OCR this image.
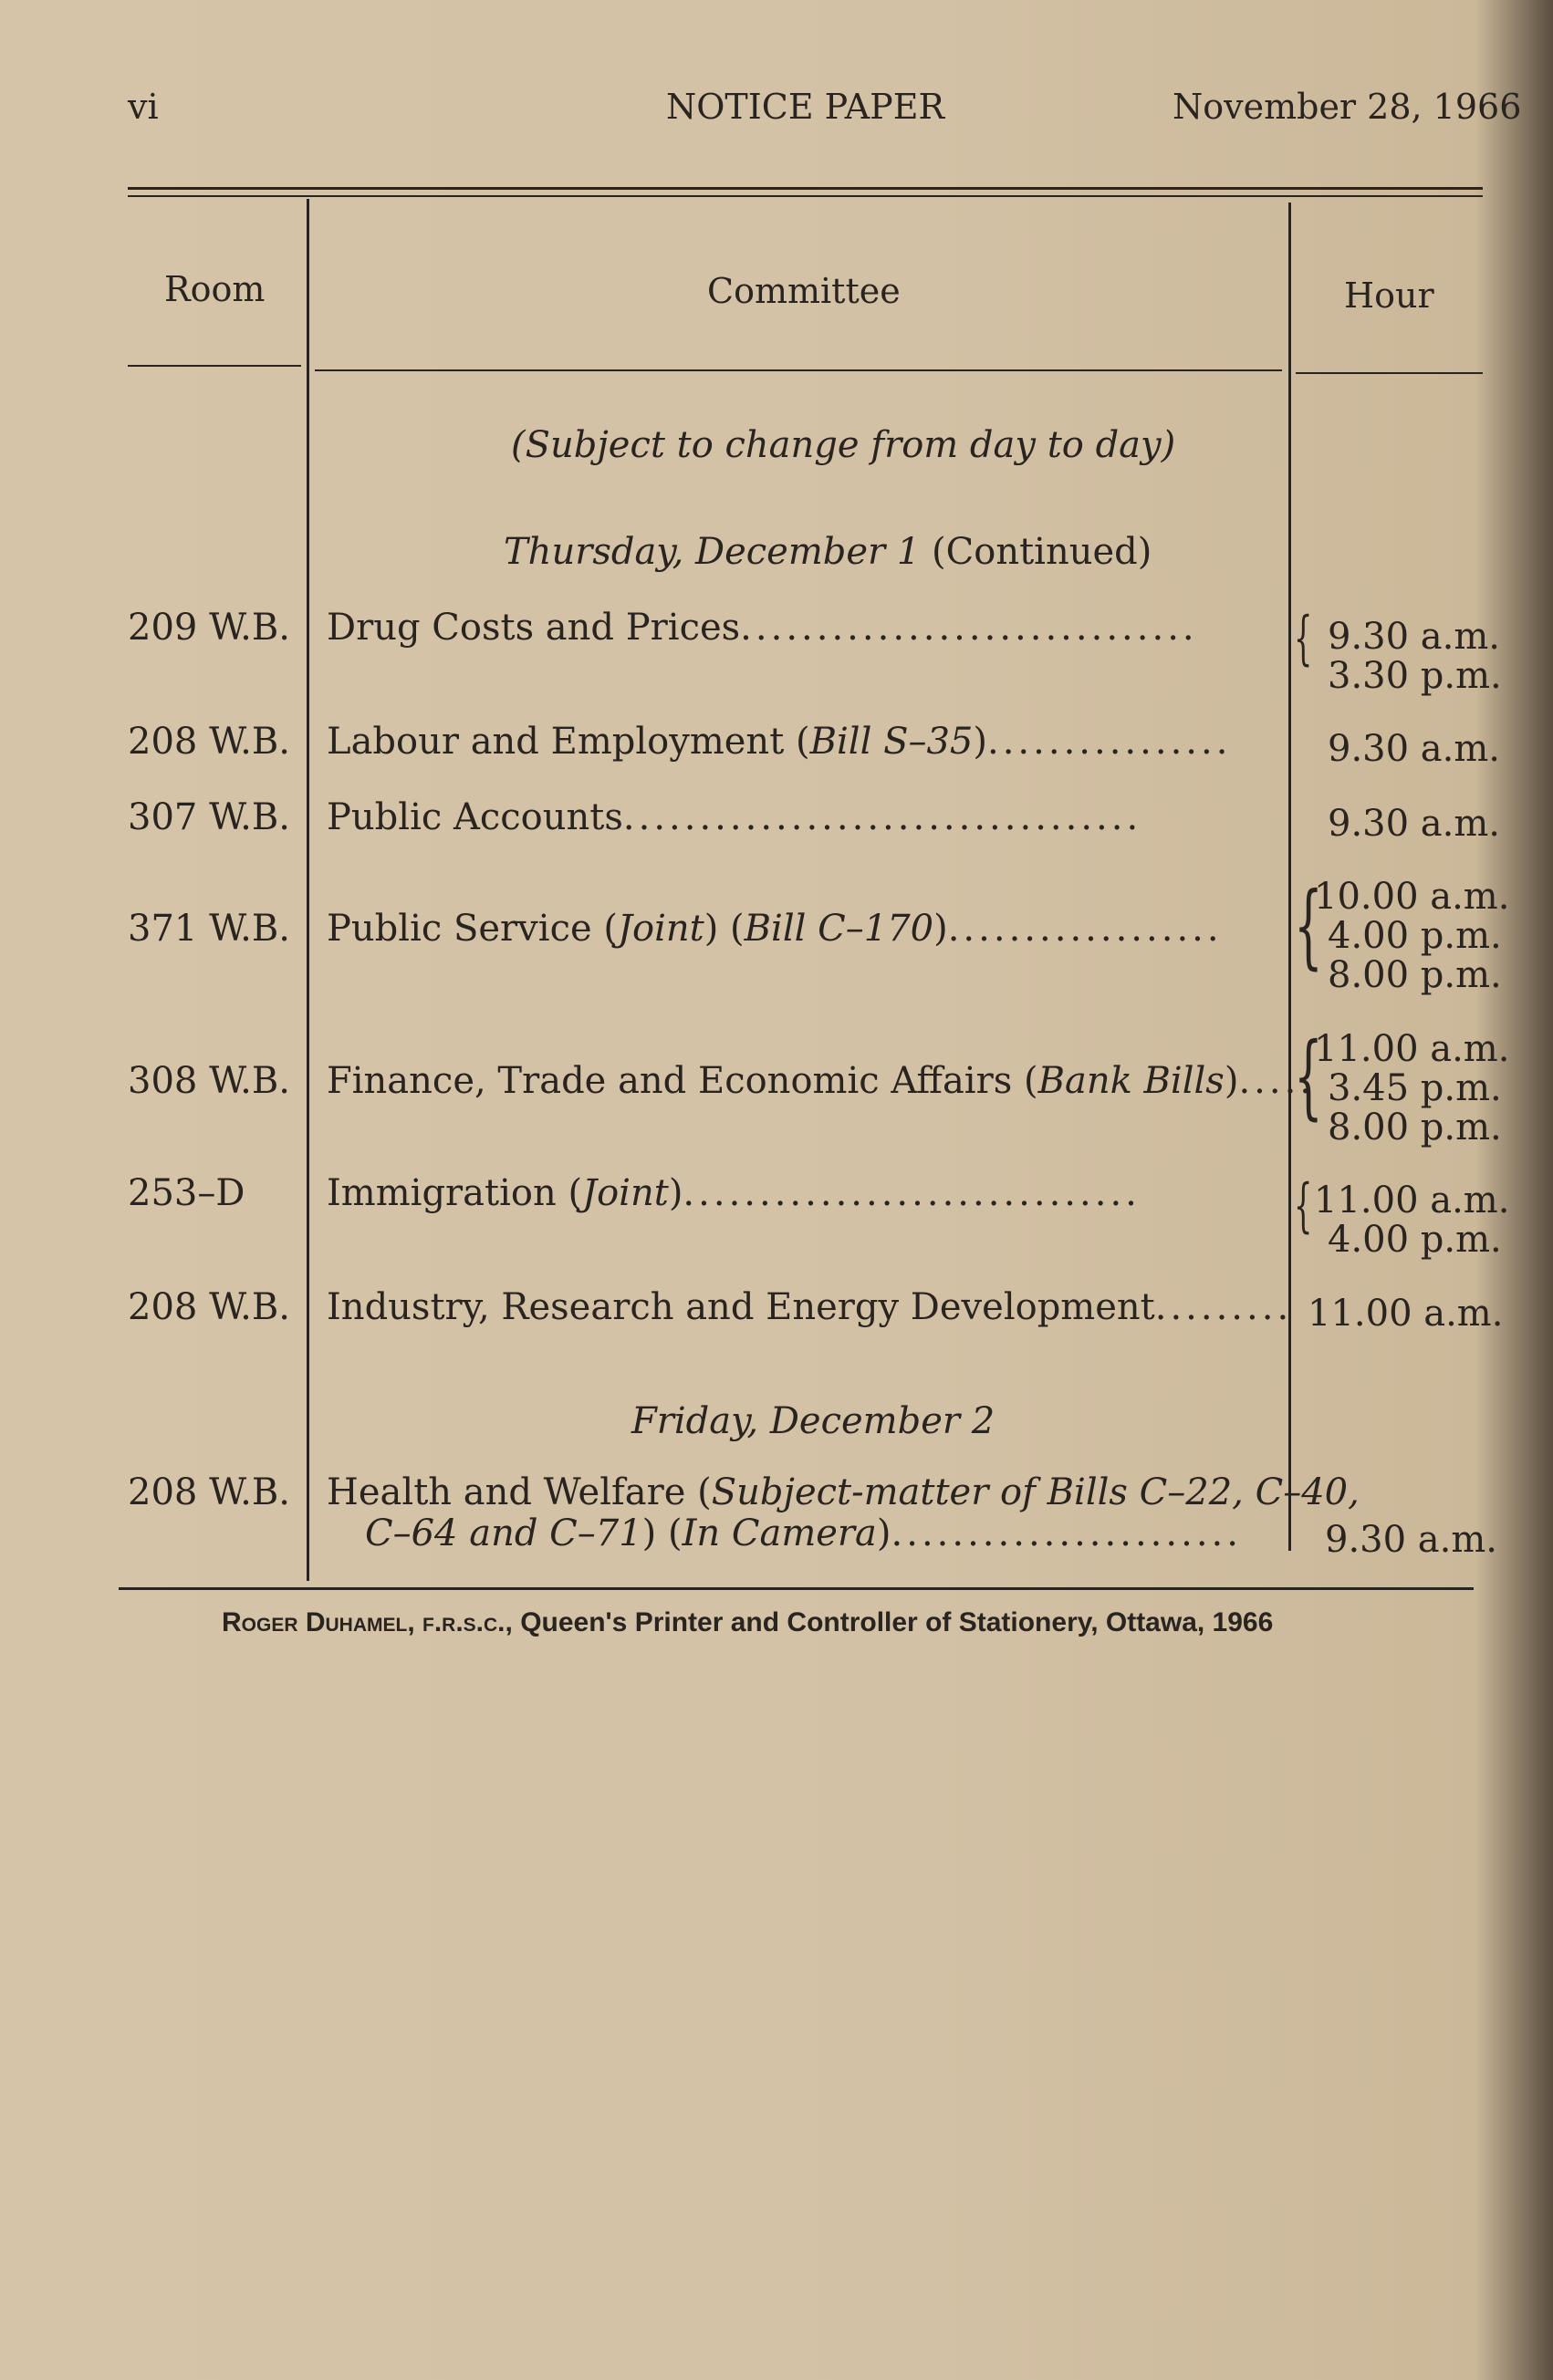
vi	NOTICE PAPER	November 28, 1966
Room	Committee	Hour
(Subject to change from day to day)
Thursday, December 1 (Continued)
209 W.B. Drug Costs and Prices.............................. { 9.30 a.m.
3.30 p.m.
208 W.B. Labour and Employment (Bill S–35)................	9.30 a.m.
307 W.B. Public Accounts..................................	9.30 a.m.
371 W.B. Public Service (Joint) (Bill C–170).................. {
10.00 a.m.
4.00 p.m.
8.00 p.m.
308 W.B. Finance, Trade and Economic Affairs (Bank Bills).....
{
11.00 a.m.
3.45 p.m.
8.00 p.m.
253–D Immigration (Joint)..............................	{ 11.00 a.m.
4.00 p.m.
208 W.B. Industry, Research and Energy Development......... 11.00 a.m.
Friday, December 2
208 W.B. Health and Welfare (Subject-matter of Bills C–22, C–40,
C–64 and C–71) (In Camera)....................... 9.30 a.m.
Roger Duhamel, f.r.s.c., Queen's Printer and Controller of Stationery, Ottawa, 1966
